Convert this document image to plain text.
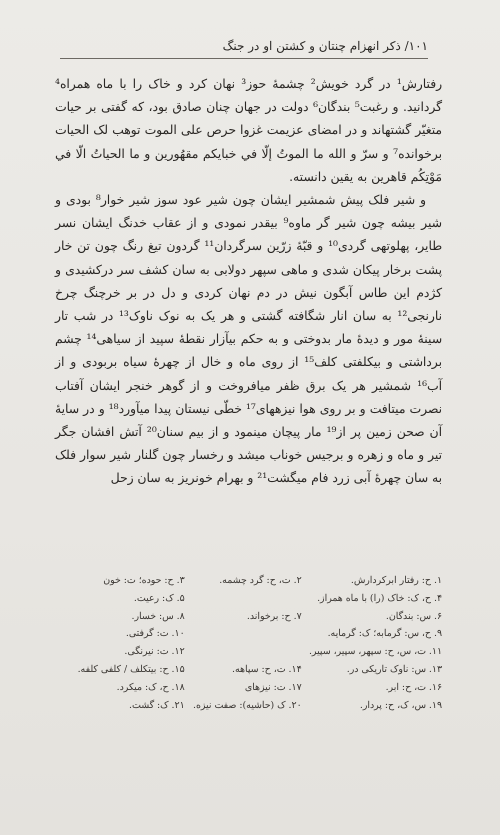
۱۰۱/ ذکر انهزام چنتان و کشتن او در جنگ

رفتارش¹ در گرد خویش² چشمهٔ حوز³ نهان کرد و خاک را با ماه همراه⁴ گردانید. و رغبت⁵ بندگان⁶ دولت در جهان چنان صادق بود، که گفتی بر حیات متغیّر گشتهاند و در امضای عزیمت غزوا حرص علی الموت توهب لک الحیات برخوانده⁷ و سرّ و الله ما الموتُ إلّا في خبايكم مقهُورين و ما الحياتُ الّا في مَوْتِكُم قاهرين به یقین دانسته.

و شیر فلک پیش شمشیر ایشان چون شیر عود سوز شیر خوار⁸ بودی و شیر بیشه چون شیر گر ماوه⁹ بیقدر نمودی و از عقاب خدنگ ایشان نسر طایر، پهلوتهی گردی¹⁰ و قبّهٔ زرّین سرگردان¹¹ گردون تیغ رنگ چون تن خار پشت برخار پیکان شدی و ماهی سپهر دولابی به سان کشف سر درکشیدی و کژدم این طاس آبگون نیش در دم نهان کردی و دل در بر خرچنگ چرخ نارنجی¹² به سان انار شگافته گشتی و هر یک به نوک ناوک¹³ در شب تار سینهٔ مور و دیدهٔ مار بدوختی و به حکم بیآزار نقطهٔ سپید از سیاهی¹⁴ چشم برداشتی و بیکلفتی کلف¹⁵ از روی ماه و خال از چهرهٔ سیاه بربودی و از آب¹⁶ شمشیر هر یک برق ظفر میافروخت و از گوهر خنجر ایشان آفتاب نصرت میتافت و بر روی هوا نیزههای¹⁷ خطّی نیستان پیدا میآورد¹⁸ و در سایهٔ آن صحن زمین پر از¹⁹ مار پیچان مینمود و از بیم سنان²⁰ آتش افشان جگر تیر و ماه و زهره و برجیس خوناب میشد و رخسار چون گلنار شیر سوار فلک به سان چهرهٔ آبی زرد فام میگشت²¹ و بهرام خونریز به سان زحل

۱. ح: رفتار ابرکردارش.
۲. ت، ح: گرد چشمه.
۳. ح: حوده؛ ت: خون
۴. ح، ک: خاک (را) با ماه همراز.
۵. ک: رعیت.
۶. س: بندگان.
۷. ح: برخواند.
۸. س: خسار.
۹. ح، س: گرمابه؛ ک: گرمایه.
۱۰. ت: گرفتی.
۱۱. ت، س، ح: سپهر، سپیر، سپیر.
۱۲. ت: نیرنگی.
۱۳. س: ناوک تاریکی در.
۱۴. ت، ح: سپاهه.
۱۵. ح: بیتکلف / کلفی کلفه.
۱۶. ت، ح: ابر.
۱۷. ت: نیزهای
۱۸. ح، ک: میکرد.
۱۹. س، ک، ح: پردار.
۲۰. ک (حاشیه): صفت نیزه.
۲۱. ک: گشت.
